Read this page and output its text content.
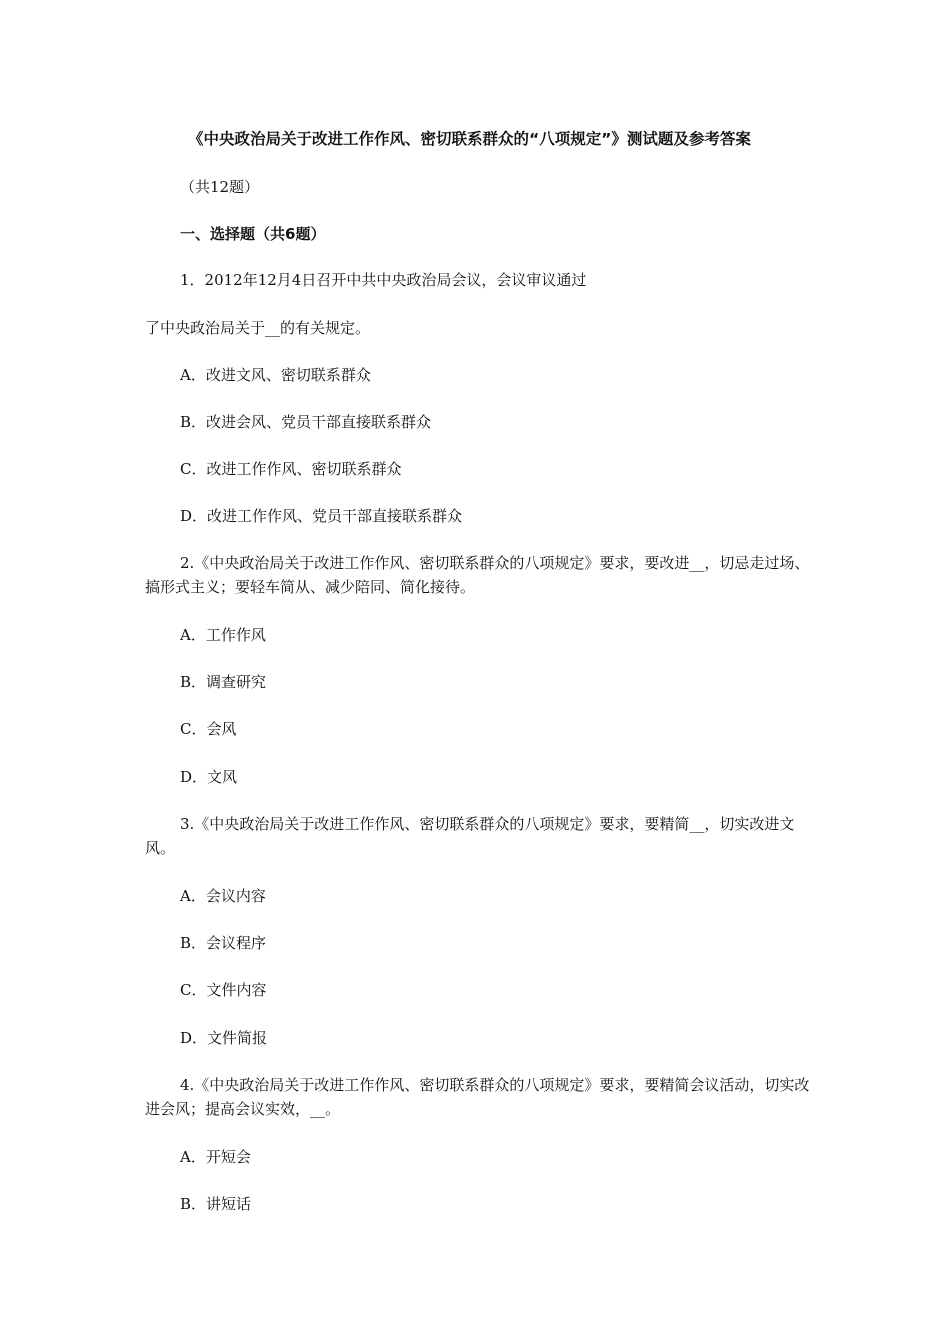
《中央政治局关于改进工作作风、密切联系群众的“八项规定”》测试题及参考答案
（共12题）
一、选择题（共6题）
1．2012年12月4日召开中共中央政治局会议，会议审议通过
了中央政治局关于__的有关规定。
A．改进文风、密切联系群众
B．改进会风、党员干部直接联系群众
C．改进工作作风、密切联系群众
D．改进工作作风、党员干部直接联系群众
2.《中央政治局关于改进工作作风、密切联系群众的八项规定》要求，要改进__，切忌走过场、搞形式主义；要轻车简从、减少陪同、简化接待。
A．工作作风
B．调查研究
C．会风
D．文风
3.《中央政治局关于改进工作作风、密切联系群众的八项规定》要求，要精简__，切实改进文风。
A．会议内容
B．会议程序
C．文件内容
D．文件简报
4.《中央政治局关于改进工作作风、密切联系群众的八项规定》要求，要精简会议活动，切实改进会风；提高会议实效，__。
A．开短会
B．讲短话
